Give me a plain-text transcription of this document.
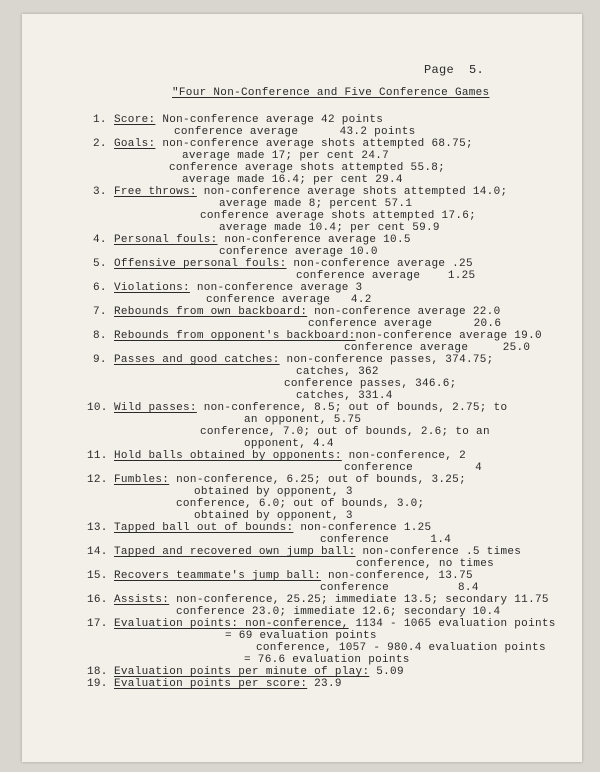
Page  5.
"Four Non-Conference and Five Conference Games
1. Score: Non-conference average 42 points
conference average      43.2 points
2. Goals: non-conference average shots attempted 68.75;
average made 17; per cent 24.7
conference average shots attempted 55.8;
average made 16.4; per cent 29.4
3. Free throws: non-conference average shots attempted 14.0;
average made 8; percent 57.1
conference average shots attempted 17.6;
average made 10.4; per cent 59.9
4. Personal fouls: non-conference average 10.5
conference average 10.0
5. Offensive personal fouls: non-conference average .25
conference average    1.25
6. Violations: non-conference average 3
conference average   4.2
7. Rebounds from own backboard: non-conference average 22.0
conference average      20.6
8. Rebounds from opponent's backboard:non-conference average 19.0
conference average     25.0
9. Passes and good catches: non-conference passes, 374.75;
catches, 362
conference passes, 346.6;
catches, 331.4
10. Wild passes: non-conference, 8.5; out of bounds, 2.75; to
an opponent, 5.75
conference, 7.0; out of bounds, 2.6; to an
opponent, 4.4
11. Hold balls obtained by opponents: non-conference, 2
conference         4
12. Fumbles: non-conference, 6.25; out of bounds, 3.25;
obtained by opponent, 3
conference, 6.0; out of bounds, 3.0;
obtained by opponent, 3
13. Tapped ball out of bounds: non-conference 1.25
conference      1.4
14. Tapped and recovered own jump ball: non-conference .5 times
conference, no times
15. Recovers teammate's jump ball: non-conference, 13.75
conference          8.4
16. Assists: non-conference, 25.25; immediate 13.5; secondary 11.75
conference 23.0; immediate 12.6; secondary 10.4
17. Evaluation points: non-conference, 1134 - 1065 evaluation points
= 69 evaluation points
conference, 1057 - 980.4 evaluation points
= 76.6 evaluation points
18. Evaluation points per minute of play: 5.09
19. Evaluation points per score: 23.9
